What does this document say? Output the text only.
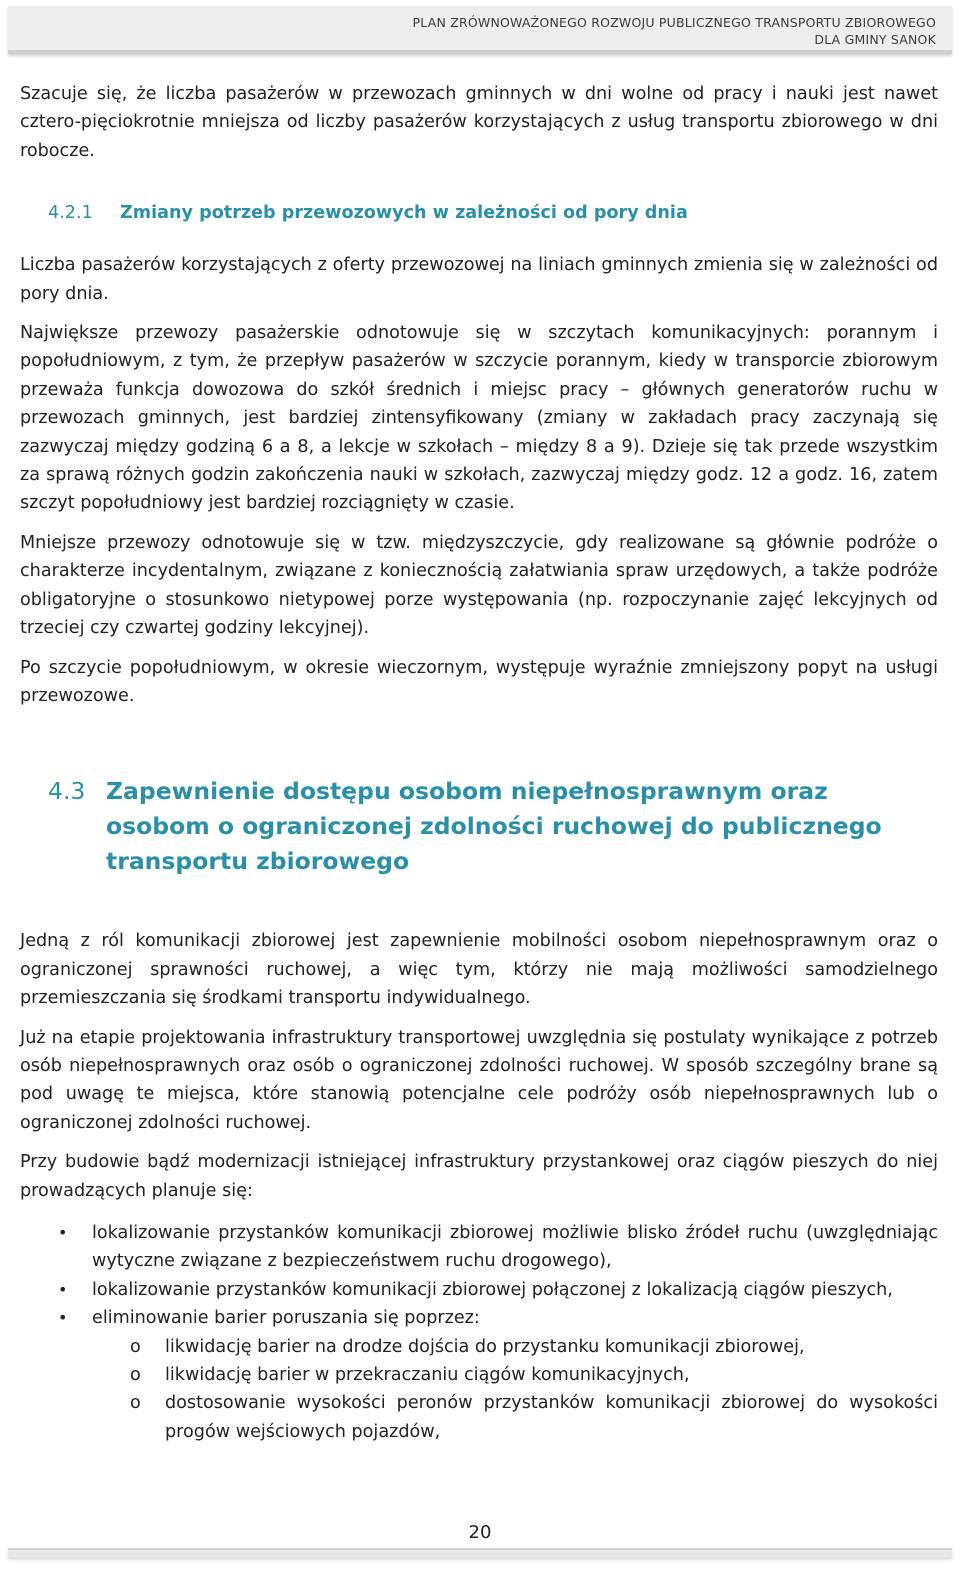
PLAN ZRÓWNOWAŻONEGO ROZWOJU PUBLICZNEGO TRANSPORTU ZBIOROWEGO
DLA GMINY SANOK

Szacuje się, że liczba pasażerów w przewozach gminnych w dni wolne od pracy i nauki jest nawet cztero-pięciokrotnie mniejsza od liczby pasażerów korzystających z usług transportu zbiorowego w dni robocze.

4.2.1	Zmiany potrzeb przewozowych w zależności od pory dnia

Liczba pasażerów korzystających z oferty przewozowej na liniach gminnych zmienia się w zależności od pory dnia.

Największe przewozy pasażerskie odnotowuje się w szczytach komunikacyjnych: porannym i popołudniowym, z tym, że przepływ pasażerów w szczycie porannym, kiedy w transporcie zbiorowym przeważa funkcja dowozowa do szkół średnich i miejsc pracy – głównych generatorów ruchu w przewozach gminnych, jest bardziej zintensyfikowany (zmiany w zakładach pracy zaczynają się zazwyczaj między godziną 6 a 8, a lekcje w szkołach – między 8 a 9). Dzieje się tak przede wszystkim za sprawą różnych godzin zakończenia nauki w szkołach, zazwyczaj między godz. 12 a godz. 16, zatem szczyt popołudniowy jest bardziej rozciągnięty w czasie.

Mniejsze przewozy odnotowuje się w tzw. międzyszczycie, gdy realizowane są głównie podróże o charakterze incydentalnym, związane z koniecznością załatwiania spraw urzędowych, a także podróże obligatoryjne o stosunkowo nietypowej porze występowania (np. rozpoczynanie zajęć lekcyjnych od trzeciej czy czwartej godziny lekcyjnej).

Po szczycie popołudniowym, w okresie wieczornym, występuje wyraźnie zmniejszony popyt na usługi przewozowe.

4.3 Zapewnienie dostępu osobom niepełnosprawnym oraz osobom o ograniczonej zdolności ruchowej do publicznego transportu zbiorowego

Jedną z ról komunikacji zbiorowej jest zapewnienie mobilności osobom niepełnosprawnym oraz o ograniczonej sprawności ruchowej, a więc tym, którzy nie mają możliwości samodzielnego przemieszczania się środkami transportu indywidualnego.

Już na etapie projektowania infrastruktury transportowej uwzględnia się postulaty wynikające z potrzeb osób niepełnosprawnych oraz osób o ograniczonej zdolności ruchowej. W sposób szczególny brane są pod uwagę te miejsca, które stanowią potencjalne cele podróży osób niepełnosprawnych lub o ograniczonej zdolności ruchowej.

Przy budowie bądź modernizacji istniejącej infrastruktury przystankowej oraz ciągów pieszych do niej prowadzących planuje się:

• lokalizowanie przystanków komunikacji zbiorowej możliwie blisko źródeł ruchu (uwzględniając wytyczne związane z bezpieczeństwem ruchu drogowego),
• lokalizowanie przystanków komunikacji zbiorowej połączonej z lokalizacją ciągów pieszych,
• eliminowanie barier poruszania się poprzez:
o likwidację barier na drodze dojścia do przystanku komunikacji zbiorowej,
o likwidację barier w przekraczaniu ciągów komunikacyjnych,
o dostosowanie wysokości peronów przystanków komunikacji zbiorowej do wysokości progów wejściowych pojazdów,
20
